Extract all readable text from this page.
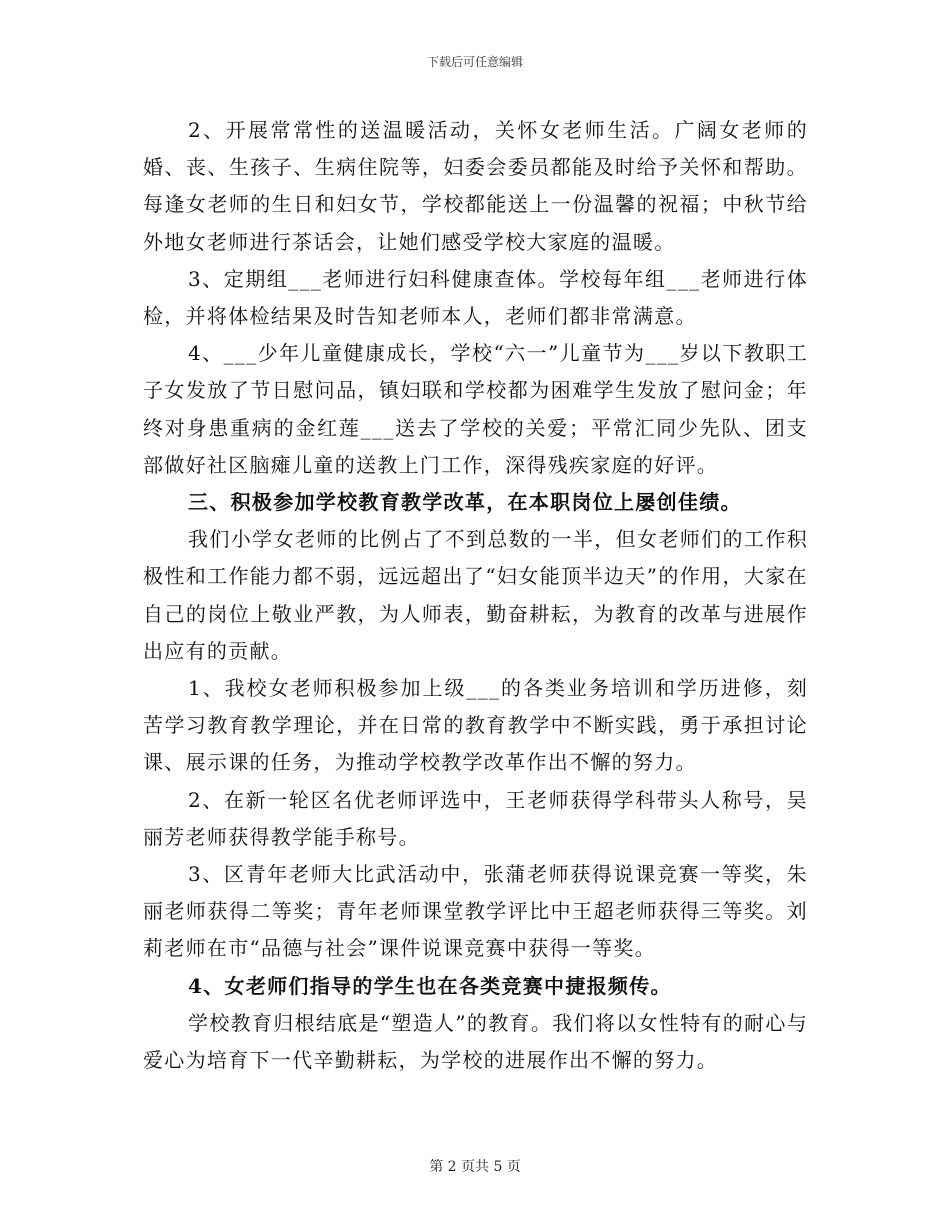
下载后可任意编辑

2、开展常常性的送温暖活动，关怀女老师生活。广阔女老师的婚、丧、生孩子、生病住院等，妇委会委员都能及时给予关怀和帮助。每逢女老师的生日和妇女节，学校都能送上一份温馨的祝福；中秋节给外地女老师进行茶话会，让她们感受学校大家庭的温暖。

3、定期组___老师进行妇科健康查体。学校每年组___老师进行体检，并将体检结果及时告知老师本人，老师们都非常满意。

4、___少年儿童健康成长，学校“六一”儿童节为___岁以下教职工子女发放了节日慰问品，镇妇联和学校都为困难学生发放了慰问金；年终对身患重病的金红莲___送去了学校的关爱；平常汇同少先队、团支部做好社区脑瘫儿童的送教上门工作，深得残疾家庭的好评。

三、积极参加学校教育教学改革，在本职岗位上屡创佳绩。

我们小学女老师的比例占了不到总数的一半，但女老师们的工作积极性和工作能力都不弱，远远超出了“妇女能顶半边天”的作用，大家在自己的岗位上敬业严教，为人师表，勤奋耕耘，为教育的改革与进展作出应有的贡献。

1、我校女老师积极参加上级___的各类业务培训和学历进修，刻苦学习教育教学理论，并在日常的教育教学中不断实践，勇于承担讨论课、展示课的任务，为推动学校教学改革作出不懈的努力。

2、在新一轮区名优老师评选中，王老师获得学科带头人称号，吴丽芳老师获得教学能手称号。

3、区青年老师大比武活动中，张蒲老师获得说课竞赛一等奖，朱丽老师获得二等奖；青年老师课堂教学评比中王超老师获得三等奖。刘莉老师在市“品德与社会”课件说课竞赛中获得一等奖。

4、女老师们指导的学生也在各类竞赛中捷报频传。

学校教育归根结底是“塑造人”的教育。我们将以女性特有的耐心与爱心为培育下一代辛勤耕耘，为学校的进展作出不懈的努力。

第 2 页共 5 页
